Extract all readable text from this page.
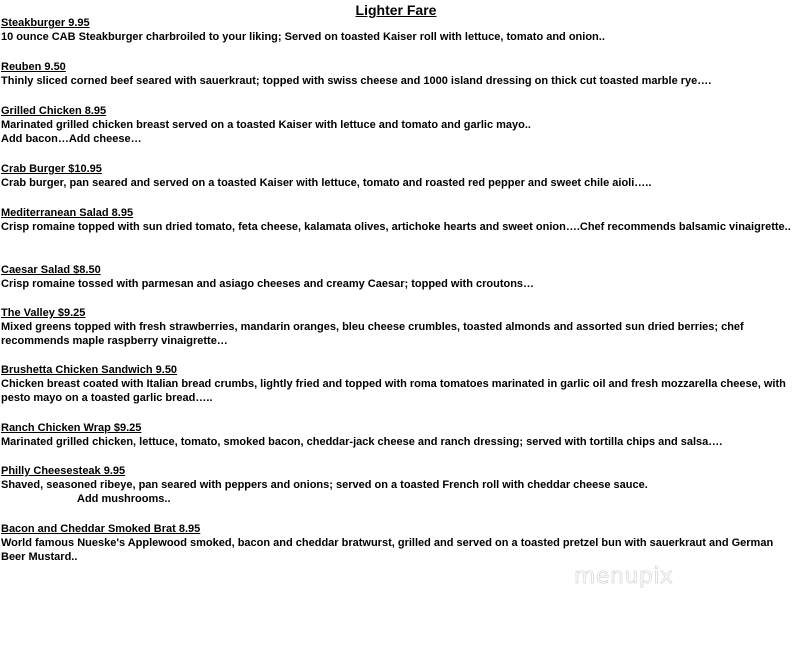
Lighter Fare
Steakburger 9.95
10 ounce CAB Steakburger charbroiled to your liking; Served on toasted Kaiser roll with lettuce, tomato and onion..
Reuben 9.50
Thinly sliced corned beef seared with sauerkraut; topped with swiss cheese and 1000 island dressing on thick cut toasted marble rye….
Grilled Chicken 8.95
Marinated grilled chicken breast served on a toasted Kaiser with lettuce and tomato and garlic mayo..
Add bacon…Add cheese…
Crab Burger $10.95
Crab burger, pan seared and served on a toasted Kaiser with lettuce, tomato and roasted red pepper and sweet chile aioli…..
Mediterranean Salad 8.95
Crisp romaine topped with sun dried tomato, feta cheese, kalamata olives, artichoke hearts and sweet onion….Chef recommends balsamic vinaigrette..
Caesar Salad $8.50
Crisp romaine tossed with parmesan and asiago cheeses and creamy Caesar; topped with croutons…
The Valley $9.25
Mixed greens topped with fresh strawberries, mandarin oranges, bleu cheese crumbles, toasted almonds and assorted sun dried berries; chef recommends maple raspberry vinaigrette…
Brushetta Chicken Sandwich 9.50
Chicken breast coated with Italian bread crumbs, lightly fried and topped with roma tomatoes marinated in garlic oil and fresh mozzarella cheese, with pesto mayo on a toasted garlic bread…..
Ranch Chicken Wrap $9.25
Marinated grilled chicken, lettuce, tomato, smoked bacon, cheddar-jack cheese and ranch dressing; served with tortilla chips and salsa….
Philly Cheesesteak 9.95
Shaved, seasoned ribeye, pan seared with peppers and onions; served on a toasted French roll with cheddar cheese sauce.
Add mushrooms..
Bacon and Cheddar Smoked Brat 8.95
World famous Nueske's Applewood smoked, bacon and cheddar bratwurst, grilled and served on a toasted pretzel bun with sauerkraut and German Beer Mustard..
menupix
